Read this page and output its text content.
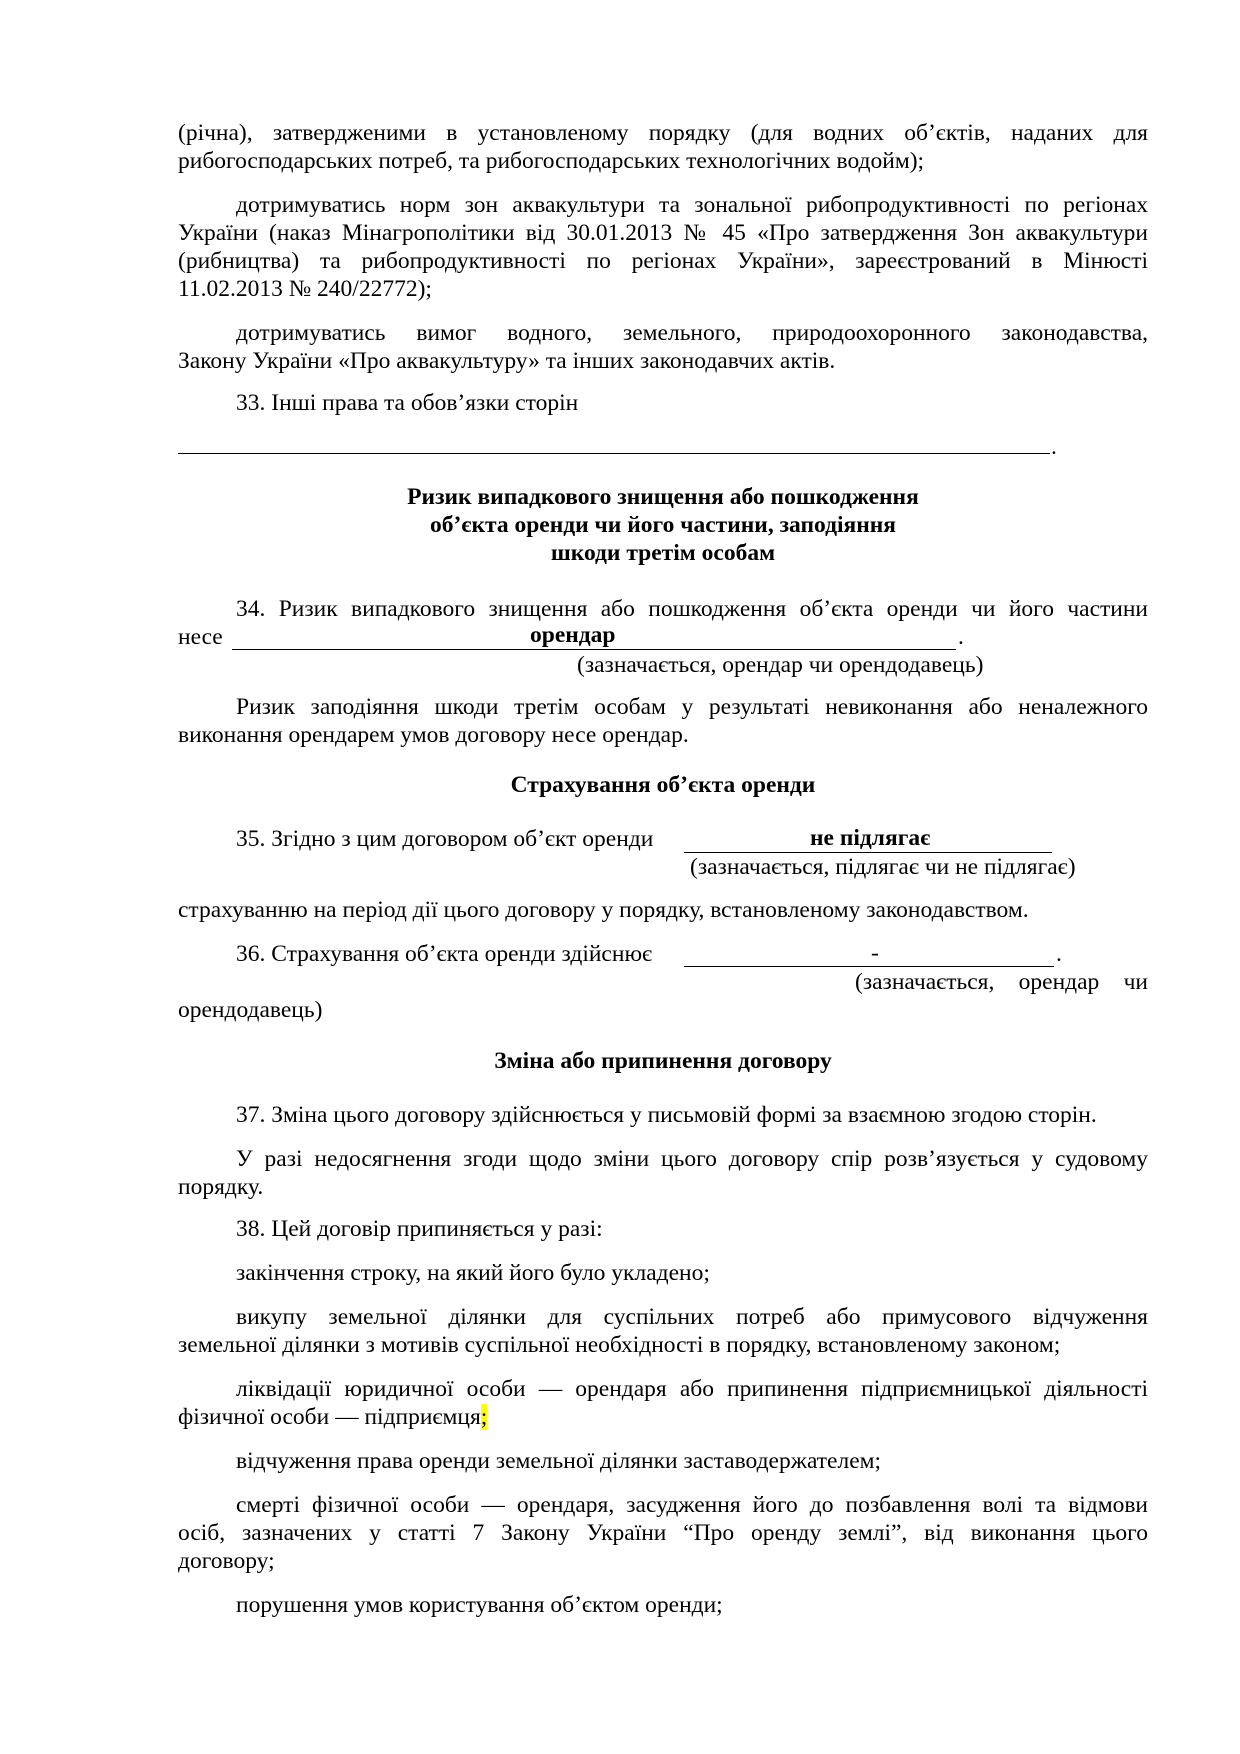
(річна), затвердженими в установленому порядку (для водних об’єктів, наданих для
рибогосподарських потреб, та рибогосподарських технологічних водойм);
дотримуватись норм зон аквакультури та зональної рибопродуктивності по регіонах
України (наказ Мінагрополітики від 30.01.2013 № 45 «Про затвердження Зон аквакультури
(рибництва) та рибопродуктивності по регіонах України», зареєстрований в Мінюсті
11.02.2013 № 240/22772);
дотримуватись вимог водного, земельного, природоохоронного законодавства,
Закону України «Про аквакультуру» та інших законодавчих актів.
33. Інші права та обов’язки сторін
.
Ризик випадкового знищення або пошкодження
об’єкта оренди чи його частини, заподіяння
шкоди третім особам
34. Ризик випадкового знищення або пошкодження об’єкта оренди чи його частини
несе	орендар	.
(зазначається, орендар чи орендодавець)
Ризик заподіяння шкоди третім особам у результаті невиконання або неналежного
виконання орендарем умов договору несе орендар.
Страхування об’єкта оренди
35. Згідно з цим договором об’єкт оренди	не підлягає
(зазначається, підлягає чи не підлягає)
страхуванню на період дії цього договору у порядку, встановленому законодавством.
36. Страхування об’єкта оренди здійснює	-	.
(зазначається, орендар чи
орендодавець)
Зміна або припинення договору
37. Зміна цього договору здійснюється у письмовій формі за взаємною згодою сторін.
У разі недосягнення згоди щодо зміни цього договору спір розв’язується у судовому
порядку.
38. Цей договір припиняється у разі:
закінчення строку, на який його було укладено;
викупу земельної ділянки для суспільних потреб або примусового відчуження
земельної ділянки з мотивів суспільної необхідності в порядку, встановленому законом;
ліквідації юридичної особи — орендаря або припинення підприємницької діяльності
фізичної особи — підприємця;
відчуження права оренди земельної ділянки заставодержателем;
смерті фізичної особи — орендаря, засудження його до позбавлення волі та відмови
осіб, зазначених у статті 7 Закону України “Про оренду землі”, від виконання цього
договору;
порушення умов користування об’єктом оренди;
